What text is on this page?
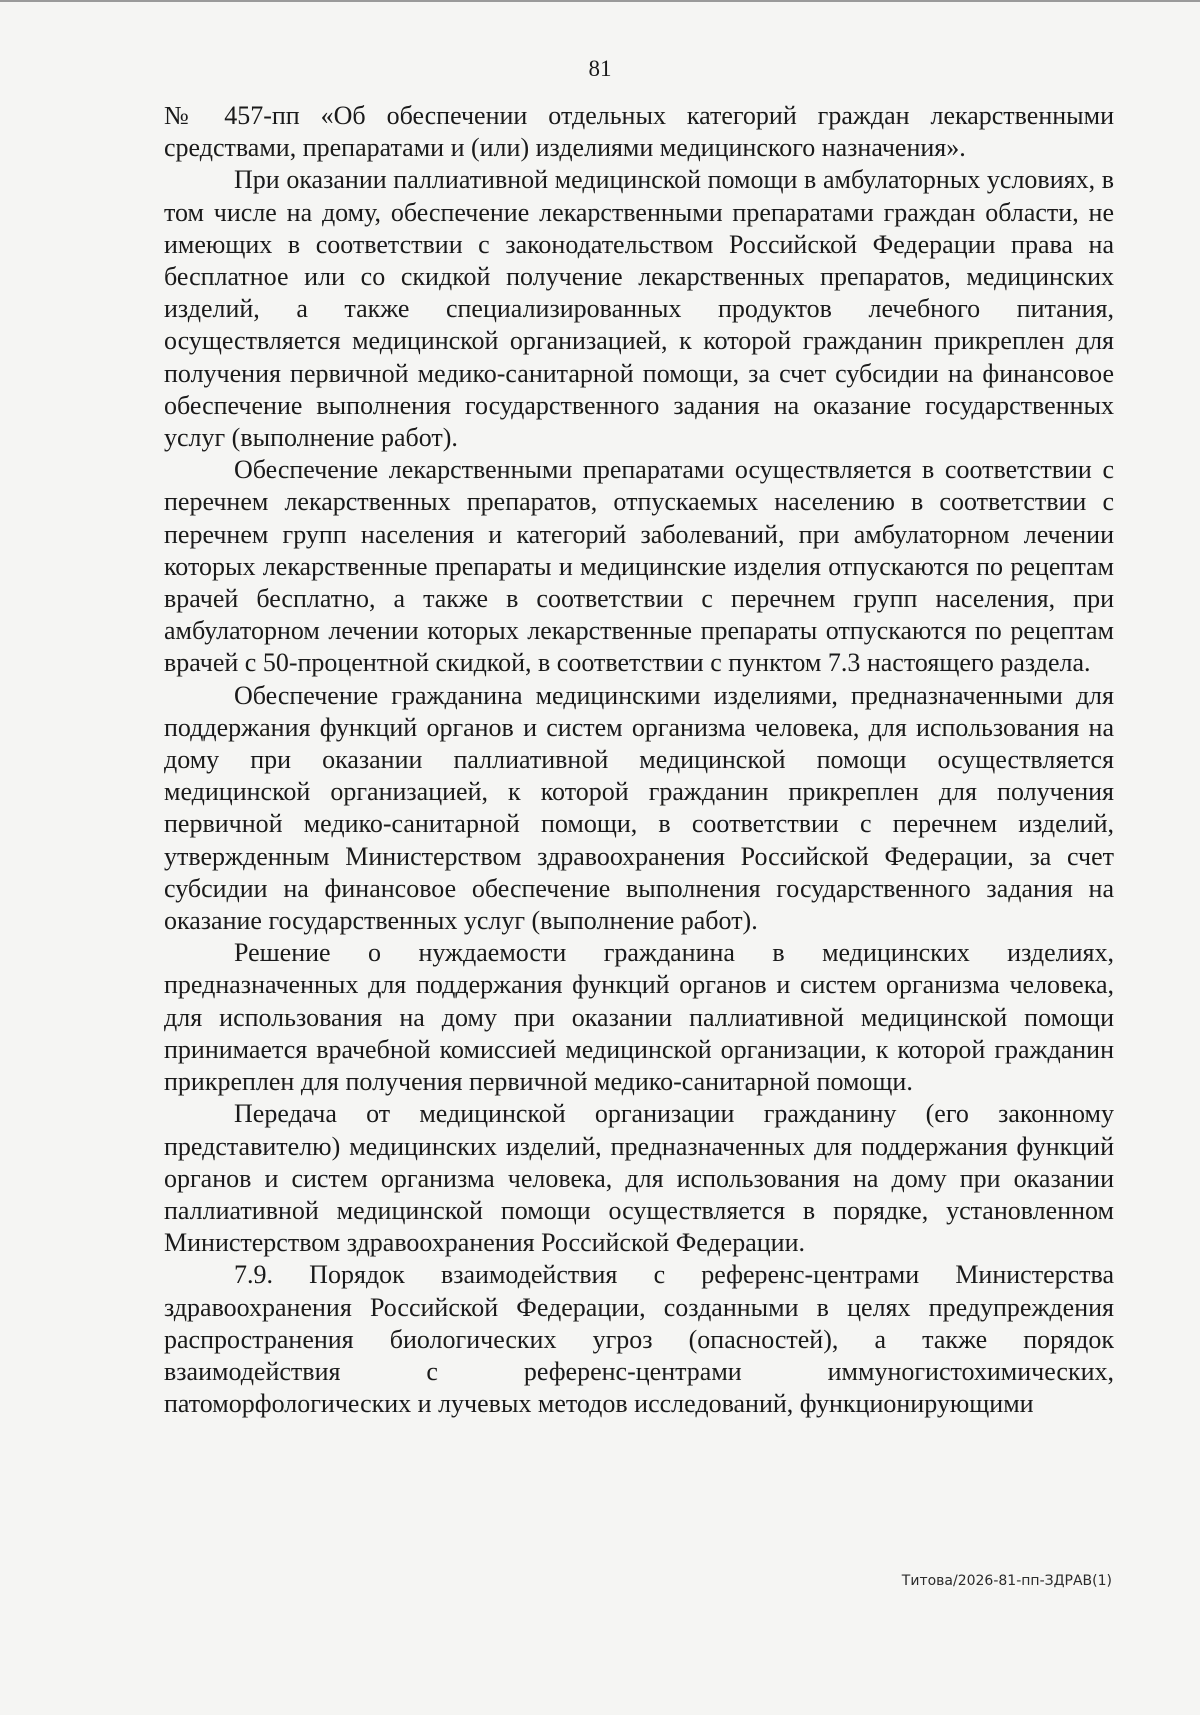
81

№ 457-пп «Об обеспечении отдельных категорий граждан лекарственными средствами, препаратами и (или) изделиями медицинского назначения».

При оказании паллиативной медицинской помощи в амбулаторных условиях, в том числе на дому, обеспечение лекарственными препаратами граждан области, не имеющих в соответствии с законодательством Российской Федерации права на бесплатное или со скидкой получение лекарственных препаратов, медицинских изделий, а также специализированных продуктов лечебного питания, осуществляется медицинской организацией, к которой гражданин прикреплен для получения первичной медико-санитарной помощи, за счет субсидии на финансовое обеспечение выполнения государственного задания на оказание государственных услуг (выполнение работ).

Обеспечение лекарственными препаратами осуществляется в соответствии с перечнем лекарственных препаратов, отпускаемых населению в соответствии с перечнем групп населения и категорий заболеваний, при амбулаторном лечении которых лекарственные препараты и медицинские изделия отпускаются по рецептам врачей бесплатно, а также в соответствии с перечнем групп населения, при амбулаторном лечении которых лекарственные препараты отпускаются по рецептам врачей с 50-процентной скидкой, в соответствии с пунктом 7.3 настоящего раздела.

Обеспечение гражданина медицинскими изделиями, предназначенными для поддержания функций органов и систем организма человека, для использования на дому при оказании паллиативной медицинской помощи осуществляется медицинской организацией, к которой гражданин прикреплен для получения первичной медико-санитарной помощи, в соответствии с перечнем изделий, утвержденным Министерством здравоохранения Российской Федерации, за счет субсидии на финансовое обеспечение выполнения государственного задания на оказание государственных услуг (выполнение работ).

Решение о нуждаемости гражданина в медицинских изделиях, предназначенных для поддержания функций органов и систем организма человека, для использования на дому при оказании паллиативной медицинской помощи принимается врачебной комиссией медицинской организации, к которой гражданин прикреплен для получения первичной медико-санитарной помощи.

Передача от медицинской организации гражданину (его законному представителю) медицинских изделий, предназначенных для поддержания функций органов и систем организма человека, для использования на дому при оказании паллиативной медицинской помощи осуществляется в порядке, установленном Министерством здравоохранения Российской Федерации.

7.9. Порядок взаимодействия с референс-центрами Министерства здравоохранения Российской Федерации, созданными в целях предупреждения распространения биологических угроз (опасностей), а также порядок взаимодействия с референс-центрами иммуногистохимических, патоморфологических и лучевых методов исследований, функционирующими

Титова/2026-81-пп-ЗДРАВ(1)
